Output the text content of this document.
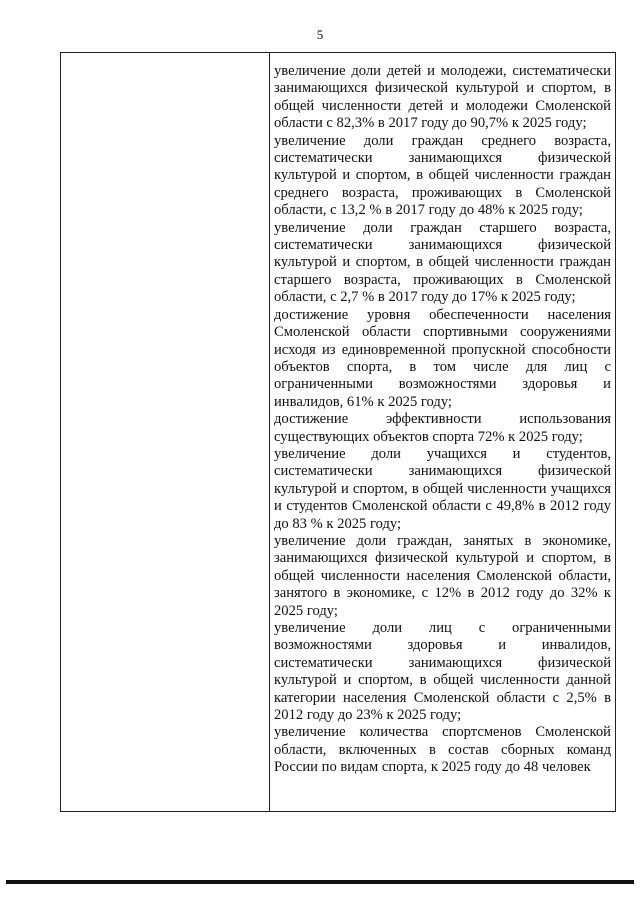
5

увеличение доли детей и молодежи, систематически занимающихся физической культурой и спортом, в общей численности детей и молодежи Смоленской области с 82,3% в 2017 году до 90,7% к 2025 году;

увеличение доли граждан среднего возраста, систематически занимающихся физической культурой и спортом, в общей численности граждан среднего возраста, проживающих в Смоленской области, с 13,2 % в 2017 году до 48% к 2025 году;

увеличение доли граждан старшего возраста, систематически занимающихся физической культурой и спортом, в общей численности граждан старшего возраста, проживающих в Смоленской области, с 2,7 % в 2017 году до 17% к 2025 году;

достижение уровня обеспеченности населения Смоленской области спортивными сооружениями исходя из единовременной пропускной способности объектов спорта, в том числе для лиц с ограниченными возможностями здоровья и инвалидов, 61% к 2025 году;

достижение эффективности использования существующих объектов спорта 72% к 2025 году;

увеличение доли учащихся и студентов, систематически занимающихся физической культурой и спортом, в общей численности учащихся и студентов Смоленской области с 49,8% в 2012 году до 83 % к 2025 году;

увеличение доли граждан, занятых в экономике, занимающихся физической культурой и спортом, в общей численности населения Смоленской области, занятого в экономике, с 12% в 2012 году до 32% к 2025 году;

увеличение доли лиц с ограниченными возможностями здоровья и инвалидов, систематически занимающихся физической культурой и спортом, в общей численности данной категории населения Смоленской области с 2,5% в 2012 году до 23% к 2025 году;

увеличение количества спортсменов Смоленской области, включенных в состав сборных команд России по видам спорта, к 2025 году до 48 человек
